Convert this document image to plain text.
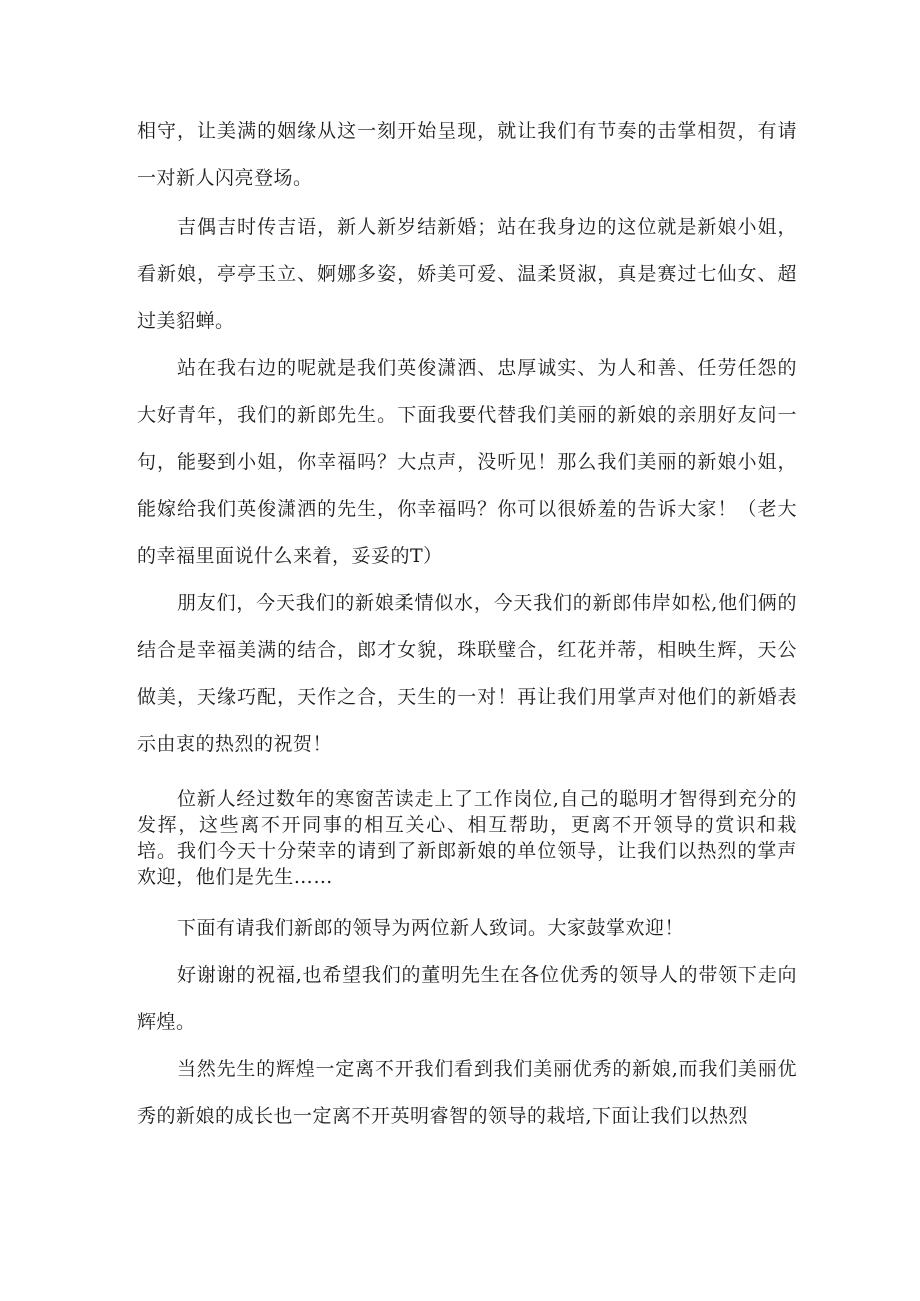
相守，让美满的姻缘从这一刻开始呈现，就让我们有节奏的击掌相贺，有请一对新人闪亮登场。

吉偶吉时传吉语，新人新岁结新婚；站在我身边的这位就是新娘小姐，看新娘，亭亭玉立、婀娜多姿，娇美可爱、温柔贤淑，真是赛过七仙女、超过美貂蝉。

站在我右边的呢就是我们英俊潇洒、忠厚诚实、为人和善、任劳任怨的大好青年，我们的新郎先生。下面我要代替我们美丽的新娘的亲朋好友问一句，能娶到小姐，你幸福吗？大点声，没听见！那么我们美丽的新娘小姐，能嫁给我们英俊潇洒的先生，你幸福吗？你可以很娇羞的告诉大家！（老大的幸福里面说什么来着，妥妥的T）

朋友们，今天我们的新娘柔情似水，今天我们的新郎伟岸如松,他们俩的结合是幸福美满的结合，郎才女貌，珠联璧合，红花并蒂，相映生辉，天公做美，天缘巧配，天作之合，天生的一对！再让我们用掌声对他们的新婚表示由衷的热烈的祝贺！

位新人经过数年的寒窗苦读走上了工作岗位,自己的聪明才智得到充分的发挥，这些离不开同事的相互关心、相互帮助，更离不开领导的赏识和栽培。我们今天十分荣幸的请到了新郎新娘的单位领导，让我们以热烈的掌声欢迎，他们是先生……

下面有请我们新郎的领导为两位新人致词。大家鼓掌欢迎！

好谢谢的祝福,也希望我们的董明先生在各位优秀的领导人的带领下走向辉煌。

当然先生的辉煌一定离不开我们看到我们美丽优秀的新娘,而我们美丽优秀的新娘的成长也一定离不开英明睿智的领导的栽培,下面让我们以热烈
